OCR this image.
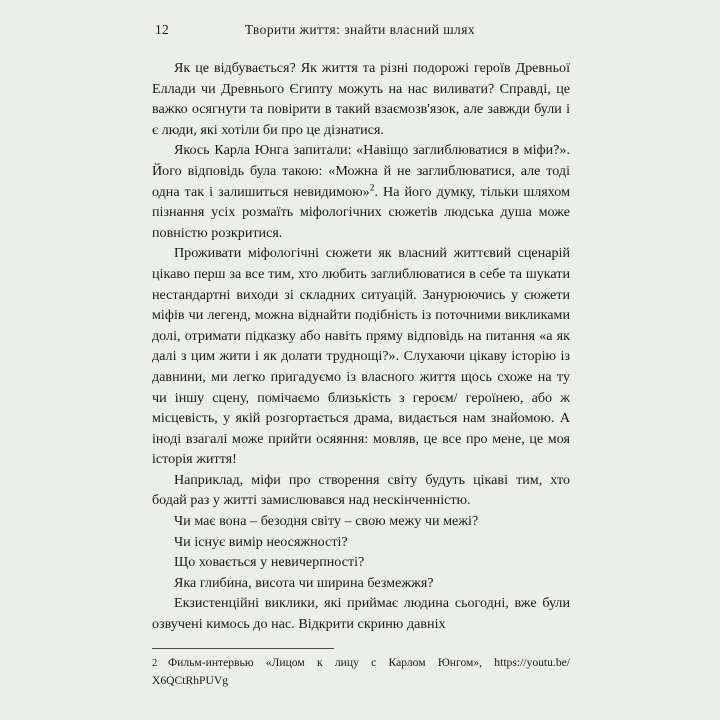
12	Творити життя: знайти власний шлях

Як це відбувається? Як життя та різні подорожі героїв Древньої Еллади чи Древнього Єгипту можуть на нас виливати? Справді, це важко осягнути та повірити в такий взаємозв'язок, але завжди були і є люди, які хотіли би про це дізнатися.

Якось Карла Юнга запитали: «Навіщо заглиблюватися в міфи?». Його відповідь була такою: «Можна й не заглиблюватися, але тоді одна так і залишиться невидимою»$^2$. На його думку, тільки шляхом пізнання усіх розмаїть міфологічних сюжетів людська душа може повністю розкритися.

Проживати міфологічні сюжети як власний життєвий сценарій цікаво перш за все тим, хто любить заглиблюватися в себе та шукати нестандартні виходи зі складних ситуацій. Занурюючись у сюжети міфів чи легенд, можна віднайти подібність із поточними викликами долі, отримати підказку або навіть пряму відповідь на питання «а як далі з цим жити і як долати труднощі?». Слухаючи цікаву історію із давнини, ми легко пригадуємо із власного життя щось схоже на ту чи іншу сцену, помічаємо близькість з героєм/ героїнею, або ж місцевість, у якій розгортається драма, видається нам знайомою. А іноді взагалі може прийти осяяння: мовляв, це все про мене, це моя історія життя!

Наприклад, міфи про створення світу будуть цікаві тим, хто бодай раз у житті замислювався над нескінченністю.

Чи має вона – безодня світу – свою межу чи межі?

Чи існує вимір неосяжності?

Що ховається у невичерпності?

Яка глибина, висота чи ширина безмежжя?

Екзистенційні виклики, які приймає людина сьогодні, вже були озвучені кимось до нас. Відкрити скриню давніх

2 Фильм-интервью «Лицом к лицу с Карлом Юнгом», https://youtu.be/ X6QCtRhPUVg
